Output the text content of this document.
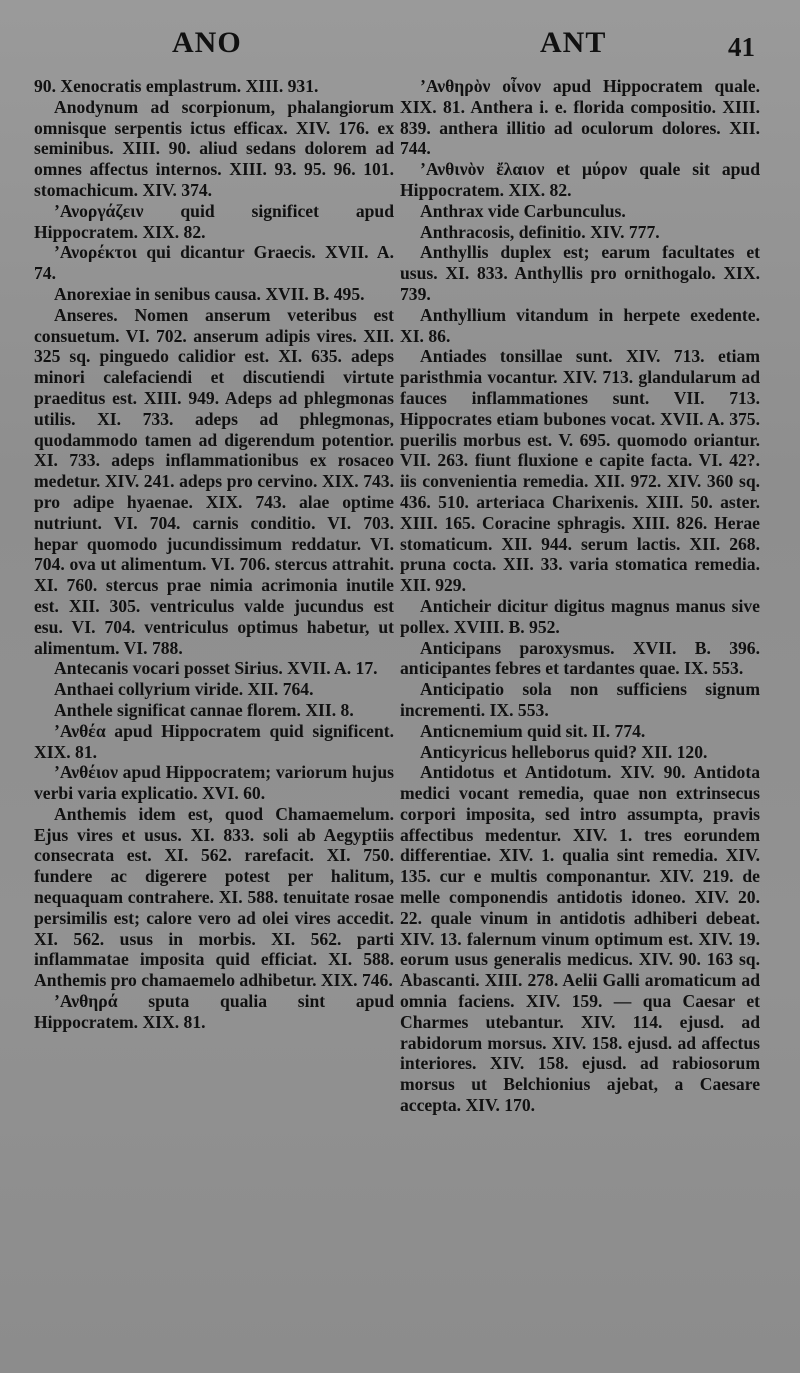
ANO	ANT	41

90. Xenocratis emplastrum. XIII. 931.

Anodynum ad scorpionum, phalangiorum omnisque serpentis ictus efficax. XIV. 176. ex seminibus. XIII. 90. aliud sedans dolorem ad omnes affectus internos. XIII. 93. 95. 96. 101. stomachicum. XIV. 374.

ʼΑνοργάζειν quid significet apud Hippocratem. XIX. 82.

ʼΑνορέκτοι qui dicantur Graecis. XVII. A. 74.

Anorexiae in senibus causa. XVII. B. 495.

Anseres. Nomen anserum veteribus est consuetum. VI. 702. anserum adipis vires. XII. 325 sq. pinguedo calidior est. XI. 635. adeps minori calefaciendi et discutiendi virtute praeditus est. XIII. 949. Adeps ad phlegmonas utilis. XI. 733. adeps ad phlegmonas, quodammodo tamen ad digerendum potentior. XI. 733. adeps inflammationibus ex rosaceo medetur. XIV. 241. adeps pro cervino. XIX. 743. pro adipe hyaenae. XIX. 743. alae optime nutriunt. VI. 704. carnis conditio. VI. 703. hepar quomodo jucundissimum reddatur. VI. 704. ova ut alimentum. VI. 706. stercus attrahit. XI. 760. stercus prae nimia acrimonia inutile est. XII. 305. ventriculus valde jucundus est esu. VI. 704. ventriculus optimus habetur, ut alimentum. VI. 788.

Antecanis vocari posset Sirius. XVII. A. 17.

Anthaei collyrium viride. XII. 764.

Anthele significat cannae florem. XII. 8.

ʼΑνθέα apud Hippocratem quid significent. XIX. 81.

ʼΑνθέιον apud Hippocratem; variorum hujus verbi varia explicatio. XVI. 60.

Anthemis idem est, quod Chamaemelum. Ejus vires et usus. XI. 833. soli ab Aegyptiis consecrata est. XI. 562. rarefacit. XI. 750. fundere ac digerere potest per halitum, nequaquam contrahere. XI. 588. tenuitate rosae persimilis est; calore vero ad olei vires accedit. XI. 562. usus in morbis. XI. 562. parti inflammatae imposita quid efficiat. XI. 588. Anthemis pro chamaemelo adhibetur. XIX. 746.

ʼΑνθηρά sputa qualia sint apud Hippocratem. XIX. 81.

ʼΑνθηρὸν οἶνον apud Hippocratem quale. XIX. 81. Anthera i. e. florida compositio. XIII. 839. anthera illitio ad oculorum dolores. XII. 744.

ʼΑνθινὸν ἔλαιον et μύρον quale sit apud Hippocratem. XIX. 82.

Anthrax vide Carbunculus.

Anthracosis, definitio. XIV. 777.

Anthyllis duplex est; earum facultates et usus. XI. 833. Anthyllis pro ornithogalo. XIX. 739.

Anthyllium vitandum in herpete exedente. XI. 86.

Antiades tonsillae sunt. XIV. 713. etiam paristhmia vocantur. XIV. 713. glandularum ad fauces inflammationes sunt. VII. 713. Hippocrates etiam bubones vocat. XVII. A. 375. puerilis morbus est. V. 695. quomodo oriantur. VII. 263. fiunt fluxione e capite facta. VI. 42?. iis convenientia remedia. XII. 972. XIV. 360 sq. 436. 510. arteriaca Charixenis. XIII. 50. aster. XIII. 165. Coracine sphragis. XIII. 826. Herae stomaticum. XII. 944. serum lactis. XII. 268. pruna cocta. XII. 33. varia stomatica remedia. XII. 929.

Anticheir dicitur digitus magnus manus sive pollex. XVIII. B. 952.

Anticipans paroxysmus. XVII. B. 396. anticipantes febres et tardantes quae. IX. 553.

Anticipatio sola non sufficiens signum incrementi. IX. 553.

Anticnemium quid sit. II. 774.

Anticyricus helleborus quid? XII. 120.

Antidotus et Antidotum. XIV. 90. Antidota medici vocant remedia, quae non extrinsecus corpori imposita, sed intro assumpta, pravis affectibus medentur. XIV. 1. tres eorundem differentiae. XIV. 1. qualia sint remedia. XIV. 135. cur e multis componantur. XIV. 219. de melle componendis antidotis idoneo. XIV. 20. 22. quale vinum in antidotis adhiberi debeat. XIV. 13. falernum vinum optimum est. XIV. 19. eorum usus generalis medicus. XIV. 90. 163 sq. Abascanti. XIII. 278. Aelii Galli aromaticum ad omnia faciens. XIV. 159. — qua Caesar et Charmes utebantur. XIV. 114. ejusd. ad rabidorum morsus. XIV. 158. ejusd. ad affectus interiores. XIV. 158. ejusd. ad rabiosorum morsus ut Belchionius ajebat, a Caesare accepta. XIV. 170.
